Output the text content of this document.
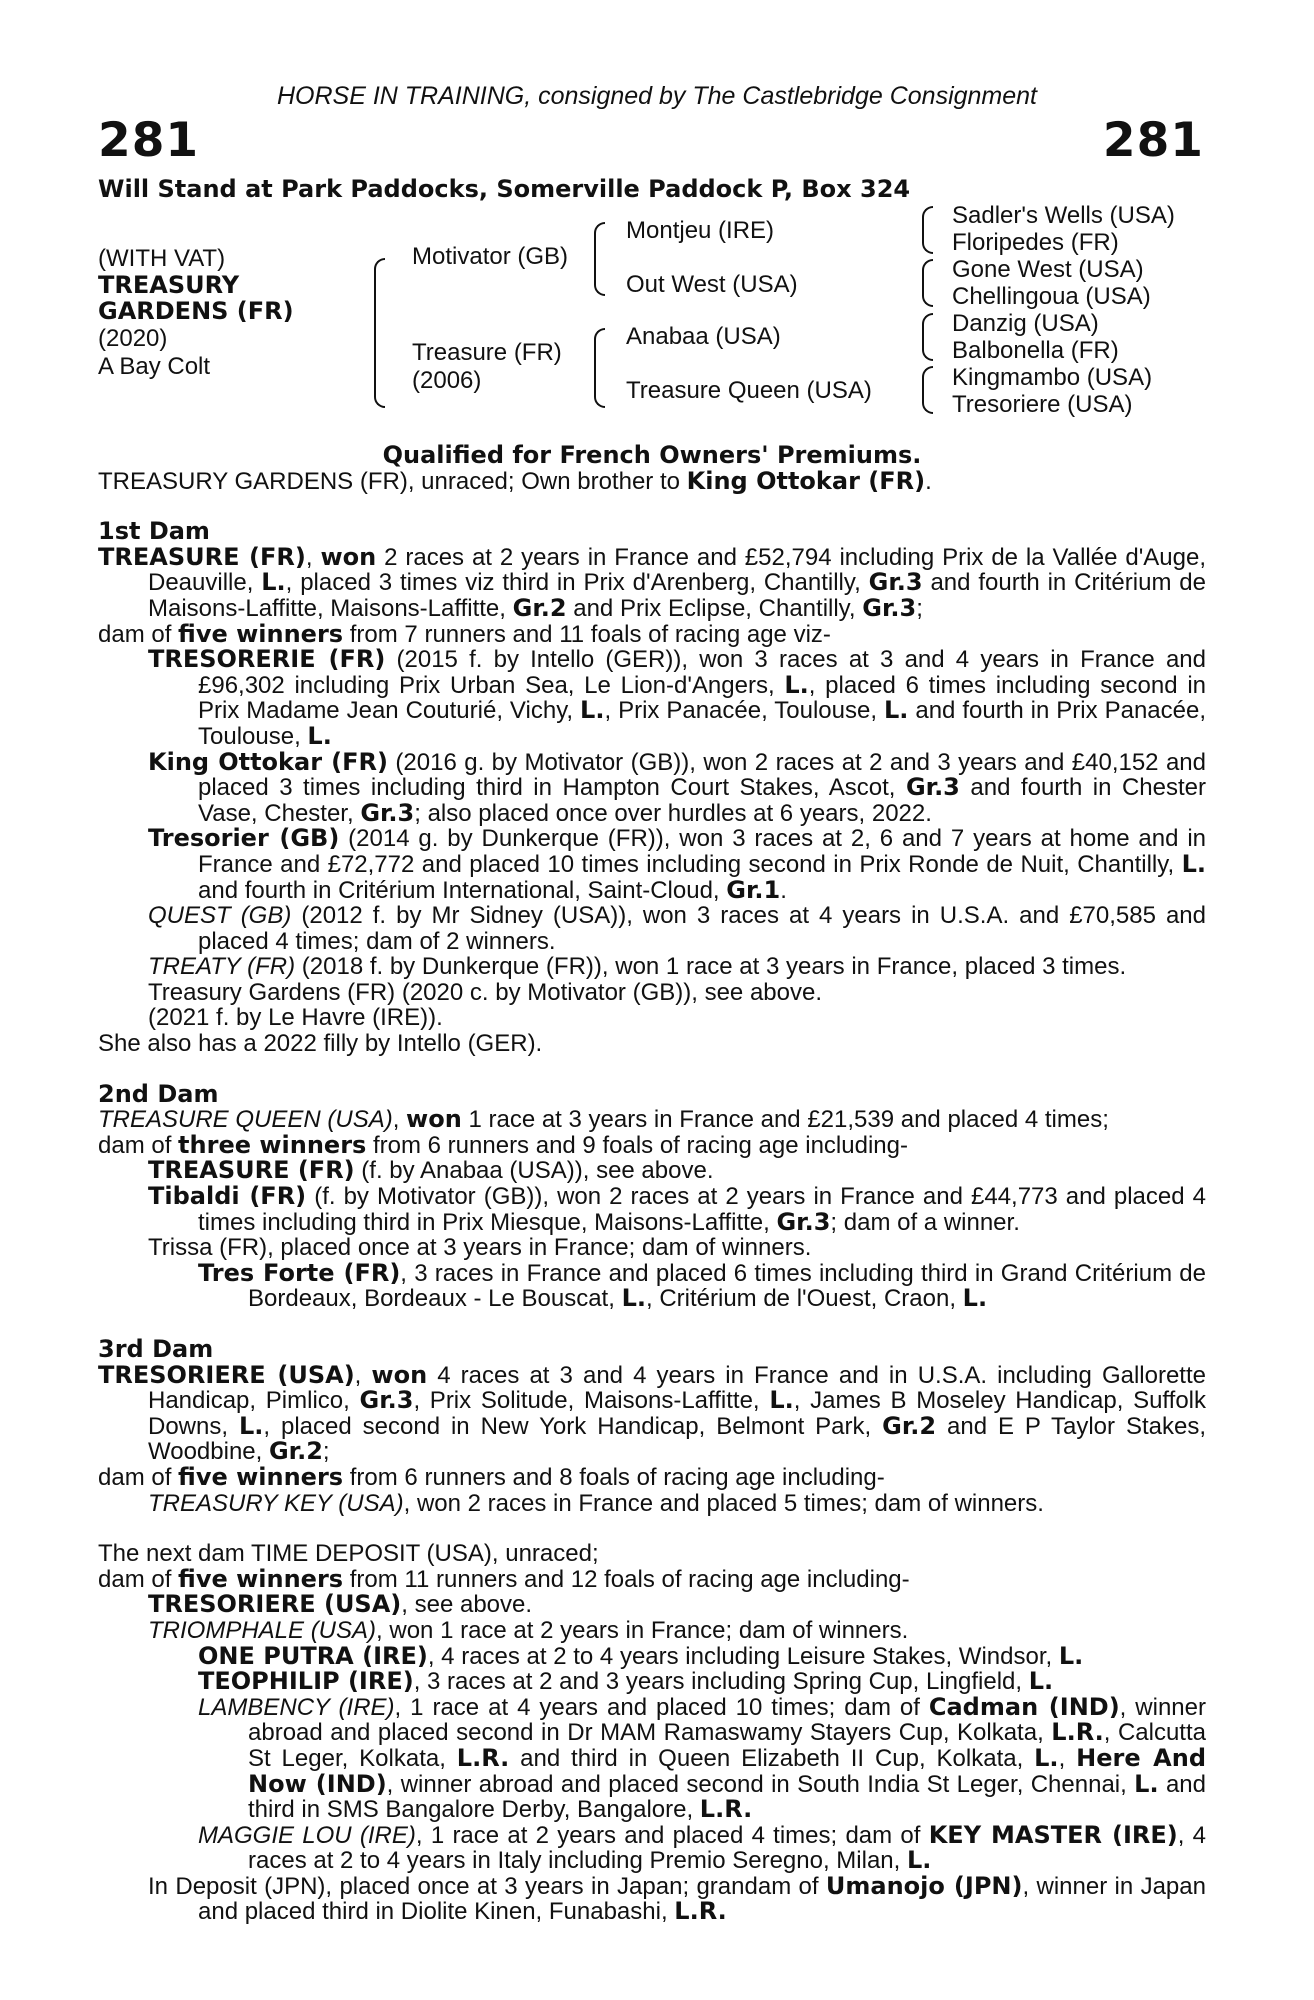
HORSE IN TRAINING, consigned by The Castlebridge Consignment
281	281
Will Stand at Park Paddocks, Somerville Paddock P, Box 324
(WITH VAT)
TREASURY
GARDENS (FR)
(2020)
A Bay Colt
Motivator (GB)
Treasure (FR)
(2006)
Montjeu (IRE)
Out West (USA)
Anabaa (USA)
Treasure Queen (USA)
Sadler's Wells (USA)
Floripedes (FR)
Gone West (USA)
Chellingoua (USA)
Danzig (USA)
Balbonella (FR)
Kingmambo (USA)
Tresoriere (USA)

Qualified for French Owners' Premiums.

TREASURY GARDENS (FR), unraced; Own brother to King Ottokar (FR).

1st Dam

TREASURE (FR), won 2 races at 2 years in France and £52,794 including Prix de la Vallée d'Auge, Deauville, L., placed 3 times viz third in Prix d'Arenberg, Chantilly, Gr.3 and fourth in Critérium de Maisons-Laffitte, Maisons-Laffitte, Gr.2 and Prix Eclipse, Chantilly, Gr.3;

dam of five winners from 7 runners and 11 foals of racing age viz-

TRESORERIE (FR) (2015 f. by Intello (GER)), won 3 races at 3 and 4 years in France and £96,302 including Prix Urban Sea, Le Lion-d'Angers, L., placed 6 times including second in Prix Madame Jean Couturié, Vichy, L., Prix Panacée, Toulouse, L. and fourth in Prix Panacée, Toulouse, L.

King Ottokar (FR) (2016 g. by Motivator (GB)), won 2 races at 2 and 3 years and £40,152 and placed 3 times including third in Hampton Court Stakes, Ascot, Gr.3 and fourth in Chester Vase, Chester, Gr.3; also placed once over hurdles at 6 years, 2022.

Tresorier (GB) (2014 g. by Dunkerque (FR)), won 3 races at 2, 6 and 7 years at home and in France and £72,772 and placed 10 times including second in Prix Ronde de Nuit, Chantilly, L. and fourth in Critérium International, Saint-Cloud, Gr.1.

QUEST (GB) (2012 f. by Mr Sidney (USA)), won 3 races at 4 years in U.S.A. and £70,585 and placed 4 times; dam of 2 winners.

TREATY (FR) (2018 f. by Dunkerque (FR)), won 1 race at 3 years in France, placed 3 times.

Treasury Gardens (FR) (2020 c. by Motivator (GB)), see above.

(2021 f. by Le Havre (IRE)).

She also has a 2022 filly by Intello (GER).

2nd Dam

TREASURE QUEEN (USA), won 1 race at 3 years in France and £21,539 and placed 4 times;

dam of three winners from 6 runners and 9 foals of racing age including-

TREASURE (FR) (f. by Anabaa (USA)), see above.

Tibaldi (FR) (f. by Motivator (GB)), won 2 races at 2 years in France and £44,773 and placed 4 times including third in Prix Miesque, Maisons-Laffitte, Gr.3; dam of a winner.

Trissa (FR), placed once at 3 years in France; dam of winners.

Tres Forte (FR), 3 races in France and placed 6 times including third in Grand Critérium de Bordeaux, Bordeaux - Le Bouscat, L., Critérium de l'Ouest, Craon, L.

3rd Dam

TRESORIERE (USA), won 4 races at 3 and 4 years in France and in U.S.A. including Gallorette Handicap, Pimlico, Gr.3, Prix Solitude, Maisons-Laffitte, L., James B Moseley Handicap, Suffolk Downs, L., placed second in New York Handicap, Belmont Park, Gr.2 and E P Taylor Stakes, Woodbine, Gr.2;

dam of five winners from 6 runners and 8 foals of racing age including-

TREASURY KEY (USA), won 2 races in France and placed 5 times; dam of winners.

The next dam TIME DEPOSIT (USA), unraced;

dam of five winners from 11 runners and 12 foals of racing age including-

TRESORIERE (USA), see above.

TRIOMPHALE (USA), won 1 race at 2 years in France; dam of winners.

ONE PUTRA (IRE), 4 races at 2 to 4 years including Leisure Stakes, Windsor, L.

TEOPHILIP (IRE), 3 races at 2 and 3 years including Spring Cup, Lingfield, L.

LAMBENCY (IRE), 1 race at 4 years and placed 10 times; dam of Cadman (IND), winner abroad and placed second in Dr MAM Ramaswamy Stayers Cup, Kolkata, L.R., Calcutta St Leger, Kolkata, L.R. and third in Queen Elizabeth II Cup, Kolkata, L., Here And Now (IND), winner abroad and placed second in South India St Leger, Chennai, L. and third in SMS Bangalore Derby, Bangalore, L.R.

MAGGIE LOU (IRE), 1 race at 2 years and placed 4 times; dam of KEY MASTER (IRE), 4 races at 2 to 4 years in Italy including Premio Seregno, Milan, L.

In Deposit (JPN), placed once at 3 years in Japan; grandam of Umanojo (JPN), winner in Japan and placed third in Diolite Kinen, Funabashi, L.R.
